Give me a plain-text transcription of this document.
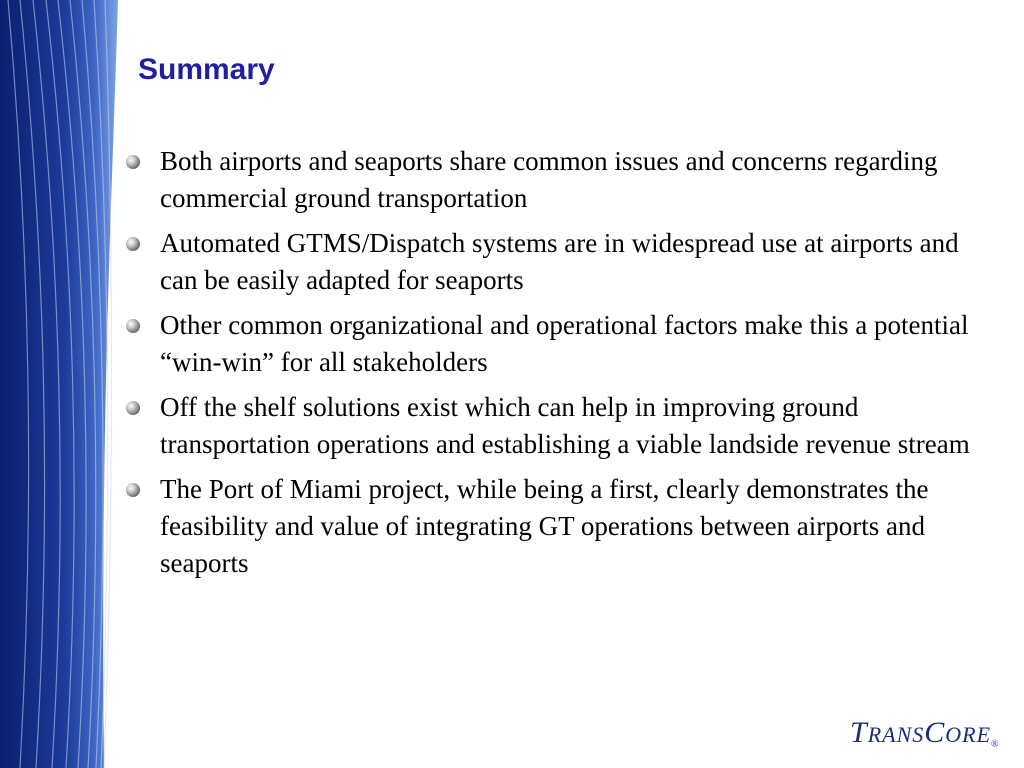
Summary
Both airports and seaports share common issues and concerns regarding commercial ground transportation
Automated GTMS/Dispatch systems are in widespread use at airports and can be easily adapted for seaports
Other common organizational and operational factors make this a potential “win-win” for all stakeholders
Off the shelf solutions exist which can help in improving ground transportation operations and establishing a viable landside revenue stream
The Port of Miami project, while being a first, clearly demonstrates the feasibility and value of integrating GT operations between airports and seaports
TRANSCORE®
